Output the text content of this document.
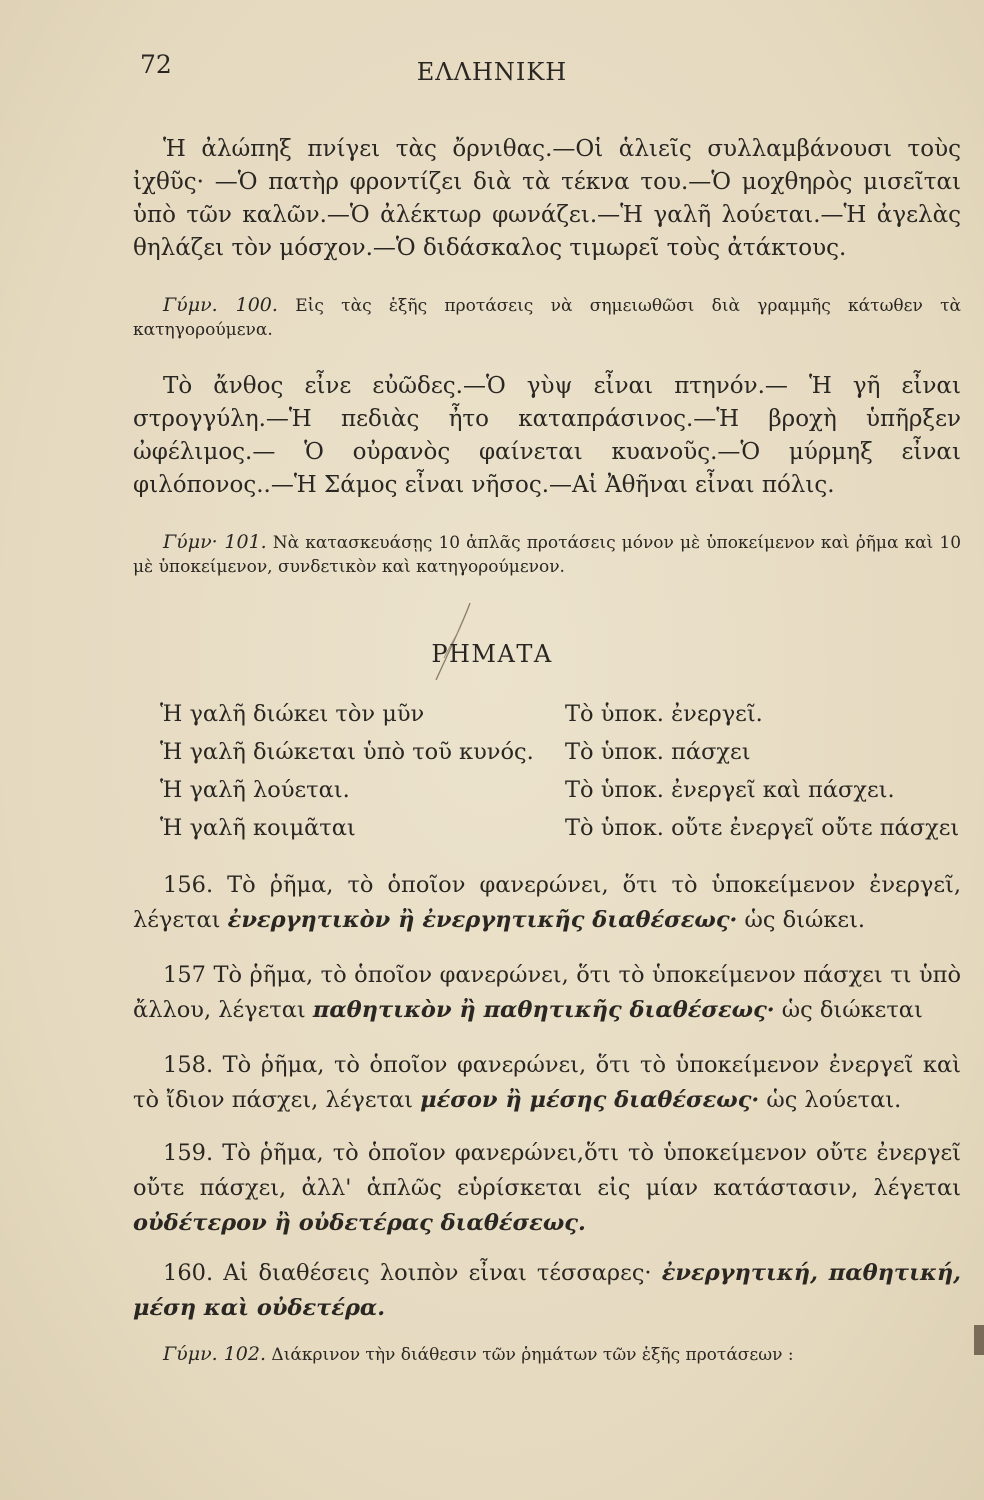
72	ΕΛΛΗΝΙΚΗ

Ἡ ἀλώπηξ πνίγει τὰς ὄρνιθας.—Οἱ ἁλιεῖς συλλαμβάνουσι τοὺς ἰχθῦς· —Ὁ πατὴρ φροντίζει διὰ τὰ τέκνα του.—Ὁ μοχθηρὸς μισεῖται ὑπὸ τῶν καλῶν.—Ὁ ἀλέκτωρ φωνάζει.—Ἡ γαλῆ λούεται.—Ἡ ἀγελὰς θηλάζει τὸν μόσχον.—Ὁ διδάσκαλος τιμωρεῖ τοὺς ἀτάκτους.

Γύμν. 100. Εἰς τὰς ἑξῆς προτάσεις νὰ σημειωθῶσι διὰ γραμμῆς κάτωθεν τὰ κατηγορούμενα.

Τὸ ἄνθος εἶνε εὐῶδες.—Ὁ γὺψ εἶναι πτηνόν.— Ἡ γῆ εἶναι στρογγύλη.—Ἡ πεδιὰς ἦτο καταπράσινος.—Ἡ βροχὴ ὑπῆρξεν ὠφέλιμος.— Ὁ οὐρανὸς φαίνεται κυανοῦς.—Ὁ μύρμηξ εἶναι φιλόπονος..—Ἡ Σάμος εἶναι νῆσος.—Αἱ Ἀθῆναι εἶναι πόλις.

Γύμν· 101. Νὰ κατασκευάσῃς 10 ἁπλᾶς προτάσεις μόνον μὲ ὑποκείμενον καὶ ῥῆμα καὶ 10 μὲ ὑποκείμενον, συνδετικὸν καὶ κατηγορούμενον.

ΡΗΜΑΤΑ
Ἡ γαλῆ διώκει τὸν μῦν	Τὸ ὑποκ. ἐνεργεῖ.
Ἡ γαλῆ διώκεται ὑπὸ τοῦ κυνός.	Τὸ ὑποκ. πάσχει
Ἡ γαλῆ λούεται.	Τὸ ὑποκ. ἐνεργεῖ καὶ πάσχει.
Ἡ γαλῆ κοιμᾶται	Τὸ ὑποκ. οὔτε ἐνεργεῖ οὔτε πάσχει

156. Τὸ ῥῆμα, τὸ ὁποῖον φανερώνει, ὅτι τὸ ὑποκείμενον ἐνεργεῖ, λέγεται ἐνεργητικὸν ἢ ἐνεργητικῆς διαθέσεως· ὡς διώκει.

157 Τὸ ῥῆμα, τὸ ὁποῖον φανερώνει, ὅτι τὸ ὑποκείμενον πάσχει τι ὑπὸ ἄλλου, λέγεται παθητικὸν ἢ παθητικῆς διαθέσεως· ὡς διώκεται

158. Τὸ ῥῆμα, τὸ ὁποῖον φανερώνει, ὅτι τὸ ὑποκείμενον ἐνεργεῖ καὶ τὸ ἴδιον πάσχει, λέγεται μέσον ἢ μέσης διαθέσεως· ὡς λούεται.

159. Τὸ ῥῆμα, τὸ ὁποῖον φανερώνει,ὅτι τὸ ὑποκείμενον οὔτε ἐνεργεῖ οὔτε πάσχει, ἀλλ' ἁπλῶς εὑρίσκεται εἰς μίαν κατάστασιν, λέγεται οὐδέτερον ἢ οὐδετέρας διαθέσεως.

160. Αἱ διαθέσεις λοιπὸν εἶναι τέσσαρες· ἐνεργητική, παθητική, μέση καὶ οὐδετέρα.

Γύμν. 102. Διάκρινον τὴν διάθεσιν τῶν ῥημάτων τῶν ἑξῆς προτάσεων :
